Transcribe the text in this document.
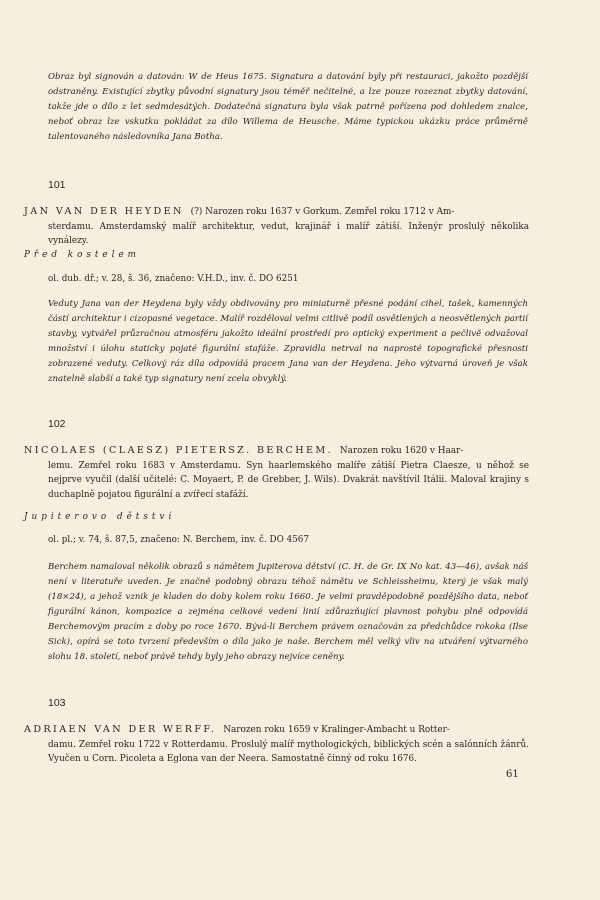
Obraz byl signován a datován: W de Heus 1675. Signatura a datování byly při restauraci, jakožto pozdější odstraněny. Existující zbytky původní signatury jsou téměř nečitelné, a lze pouze rozeznat zbytky datování, takže jde o dílo z let sedmdesátých. Dodatečná signatura byla však patrně pořízena pod dohledem znalce, neboť obraz lze vskutku pokládat za dílo Willema de Heusche. Máme typickou ukázku práce průměrně talentovaného následovníka Jana Botha.

101

JAN VAN DER HEYDEN (?) Narozen roku 1637 v Gorkum. Zemřel roku 1712 v Am-
sterdamu. Amsterdamský malíř architektur, vedut, krajinář i malíř zátiší. Inženýr proslulý několika vynálezy.

Před kostelem

ol. dub. dř.; v. 28, š. 36, značeno: V.H.D., inv. č. DO 6251

Veduty Jana van der Heydena byly vždy obdivovány pro miniaturně přesné podání cihel, tašek, kamenných částí architektur i cizopasné vegetace. Malíř rozděloval velmi citlivě podíl osvětlených a neosvětlených partií stavby, vytvářel průzračnou atmosféru jakožto ideální prostředí pro optický experiment a pečlivě odvažoval množství i úlohu staticky pojaté figurální stafáže. Zpravidla netrval na naprosté topografické přesnosti zobrazené veduty. Celkový ráz díla odpovídá pracem Jana van der Heydena. Jeho výtvarná úroveň je však znatelně slabší a také typ signatury není zcela obvyklý.

102

NICOLAES (CLAESZ) PIETERSZ. BERCHEM. Narozen roku 1620 v Haar-
lemu. Zemřel roku 1683 v Amsterdamu. Syn haarlemského malíře zátiší Pietra Claesze, u něhož se nejprve vyučil (další učitelé: C. Moyaert, P. de Grebber, J. Wils). Dvakrát navštívil Itálii. Maloval krajiny s duchaplně pojatou figurální a zvířecí stafáží.

Jupiterovo dětství

ol. pl.; v. 74, š. 87,5, značeno: N. Berchem, inv. č. DO 4567

Berchem namaloval několik obrazů s námětem Jupiterova dětství (C. H. de Gr. IX No kat. 43—46), avšak náš není v literatuře uveden. Je značně podobný obrazu téhož námětu ve Schleissheimu, který je však malý (18×24), a jehož vznik je kladen do doby kolem roku 1660. Je velmi pravděpodobně pozdějšího data, neboť figurální kánon, kompozice a zejména celkové vedení linií zdůrazňující plavnost pohybu plně odpovídá Berchemovým pracím z doby po roce 1670. Bývá-li Berchem právem označován za předchůdce rokoka (Ilse Sick), opírá se toto tvrzení především o díla jako je naše. Berchem měl velký vliv na utváření výtvarného slohu 18. století, neboť právě tehdy byly jeho obrazy nejvíce ceněny.

103

ADRIAEN VAN DER WERFF. Narozen roku 1659 v Kralinger-Ambacht u Rotter-
damu. Zemřel roku 1722 v Rotterdamu. Proslulý malíř mythologických, biblických scén a salónních žánrů. Vyučen u Corn. Picoleta a Eglona van der Neera. Samostatně činný od roku 1676.

61
